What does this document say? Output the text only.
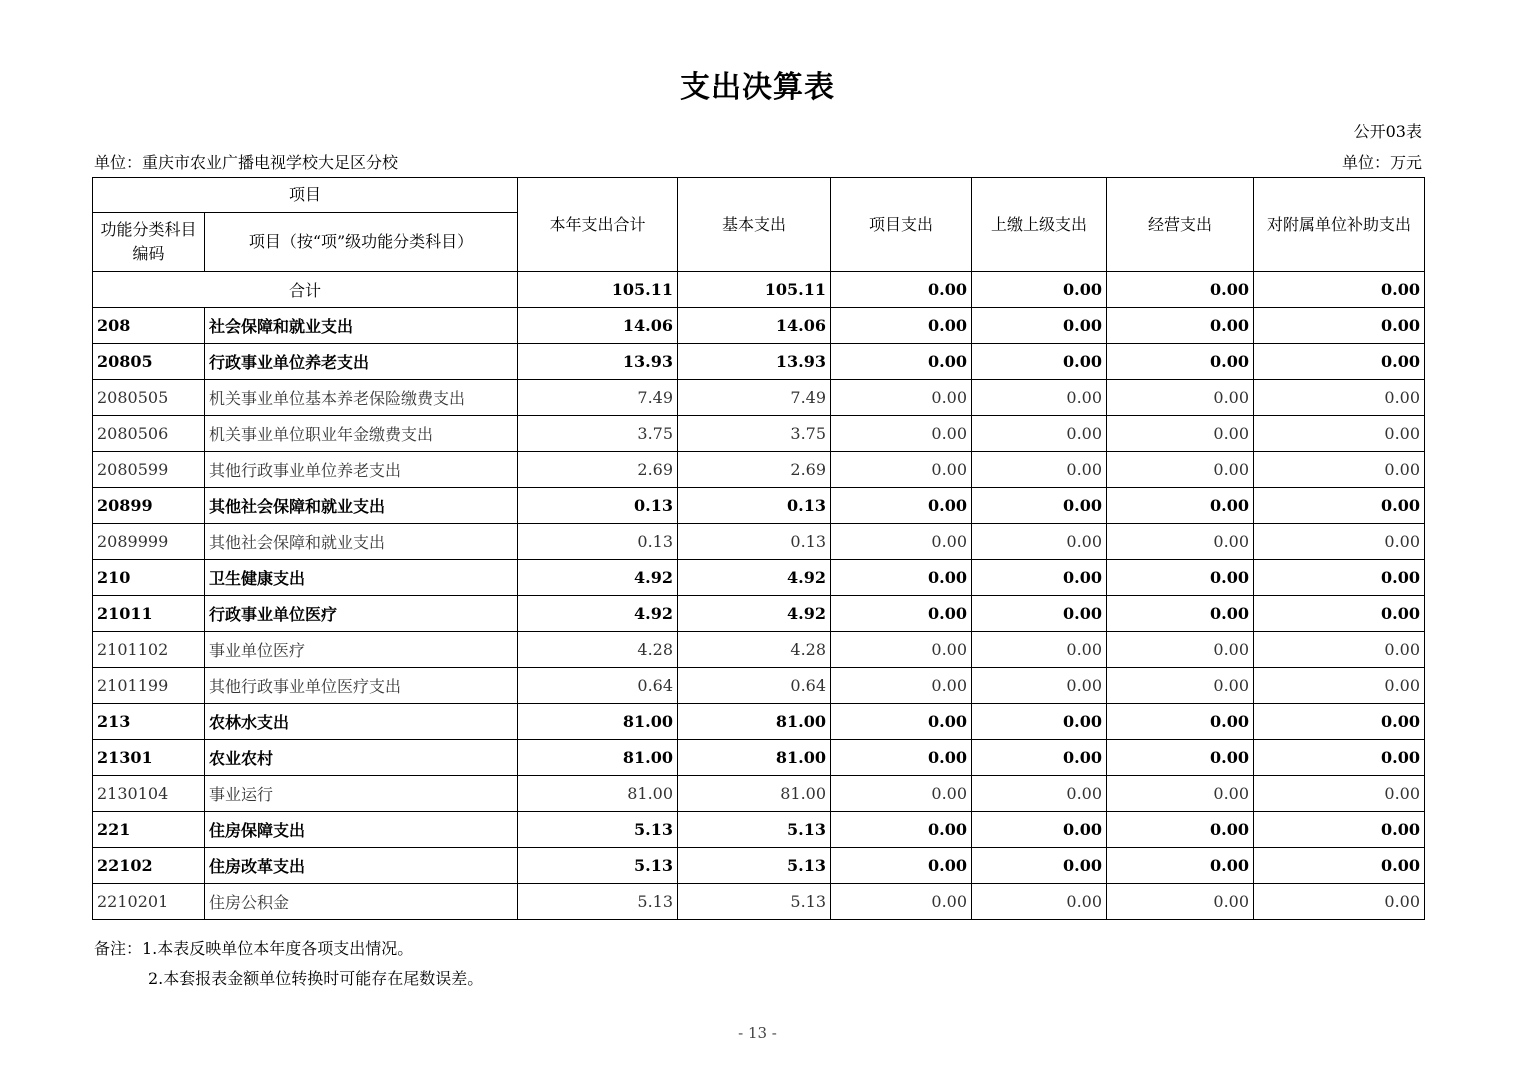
支出决算表
公开03表
单位：重庆市农业广播电视学校大足区分校	单位：万元
项目		本年支出合计	基本支出	项目支出	上缴上级支出	经营支出	对附属单位补助支出
功能分类科目编码	项目（按“项”级功能分类科目）						
合计		105.11	105.11	0.00	0.00	0.00	0.00
208	社会保障和就业支出	14.06	14.06	0.00	0.00	0.00	0.00
20805	行政事业单位养老支出	13.93	13.93	0.00	0.00	0.00	0.00
2080505	机关事业单位基本养老保险缴费支出	7.49	7.49	0.00	0.00	0.00	0.00
2080506	机关事业单位职业年金缴费支出	3.75	3.75	0.00	0.00	0.00	0.00
2080599	其他行政事业单位养老支出	2.69	2.69	0.00	0.00	0.00	0.00
20899	其他社会保障和就业支出	0.13	0.13	0.00	0.00	0.00	0.00
2089999	其他社会保障和就业支出	0.13	0.13	0.00	0.00	0.00	0.00
210	卫生健康支出	4.92	4.92	0.00	0.00	0.00	0.00
21011	行政事业单位医疗	4.92	4.92	0.00	0.00	0.00	0.00
2101102	事业单位医疗	4.28	4.28	0.00	0.00	0.00	0.00
2101199	其他行政事业单位医疗支出	0.64	0.64	0.00	0.00	0.00	0.00
213	农林水支出	81.00	81.00	0.00	0.00	0.00	0.00
21301	农业农村	81.00	81.00	0.00	0.00	0.00	0.00
2130104	事业运行	81.00	81.00	0.00	0.00	0.00	0.00
221	住房保障支出	5.13	5.13	0.00	0.00	0.00	0.00
22102	住房改革支出	5.13	5.13	0.00	0.00	0.00	0.00
2210201	住房公积金	5.13	5.13	0.00	0.00	0.00	0.00
备注：1.本表反映单位本年度各项支出情况。
2.本套报表金额单位转换时可能存在尾数误差。
- 13 -
